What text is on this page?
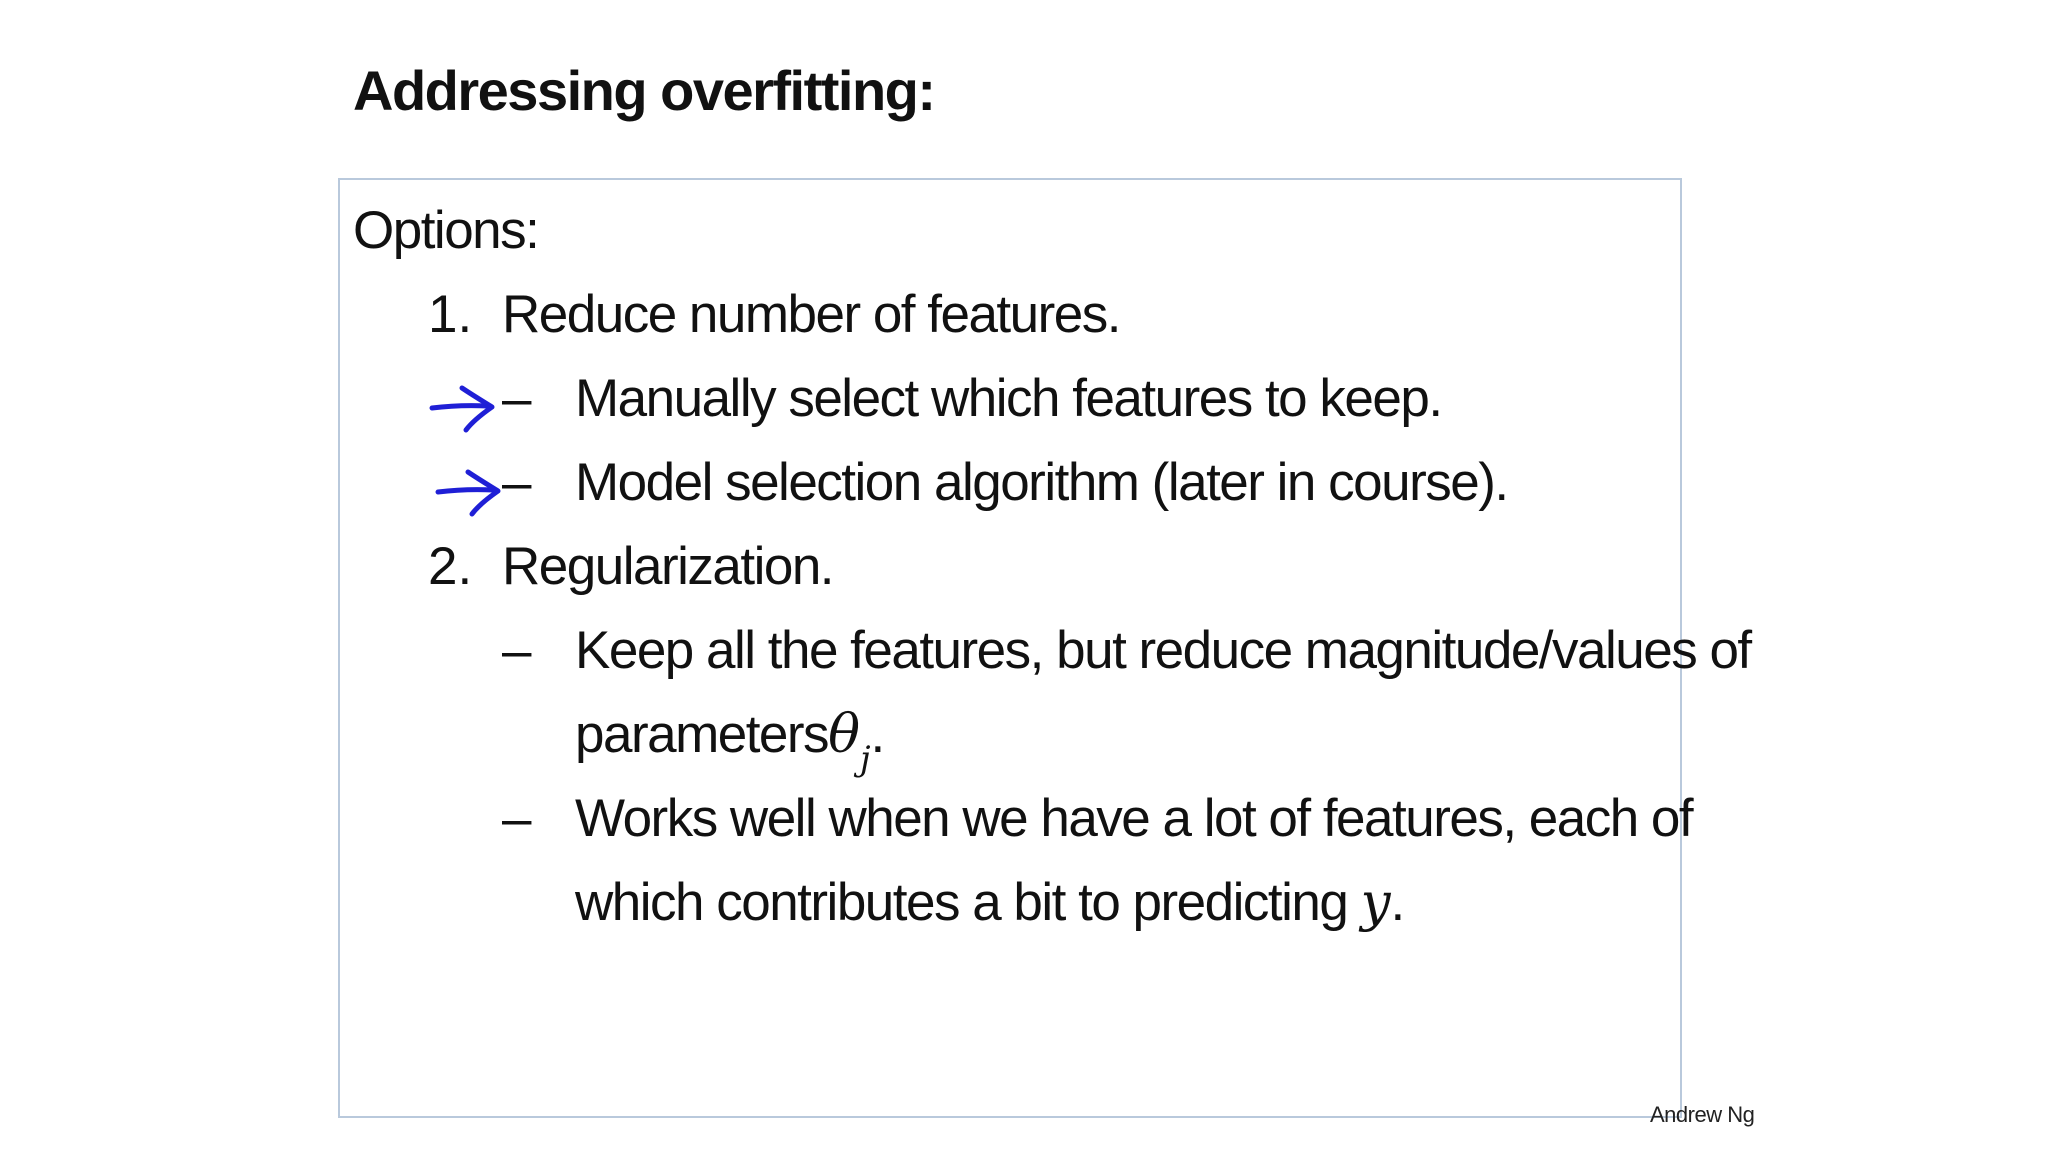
Addressing overfitting:
Options:
1. Reduce number of features.
– Manually select which features to keep.
– Model selection algorithm (later in course).
2. Regularization.
– Keep all the features, but reduce magnitude/values of
parametersθ$_j$.
– Works well when we have a lot of features, each of
which contributes a bit to predicting y.
Andrew Ng
